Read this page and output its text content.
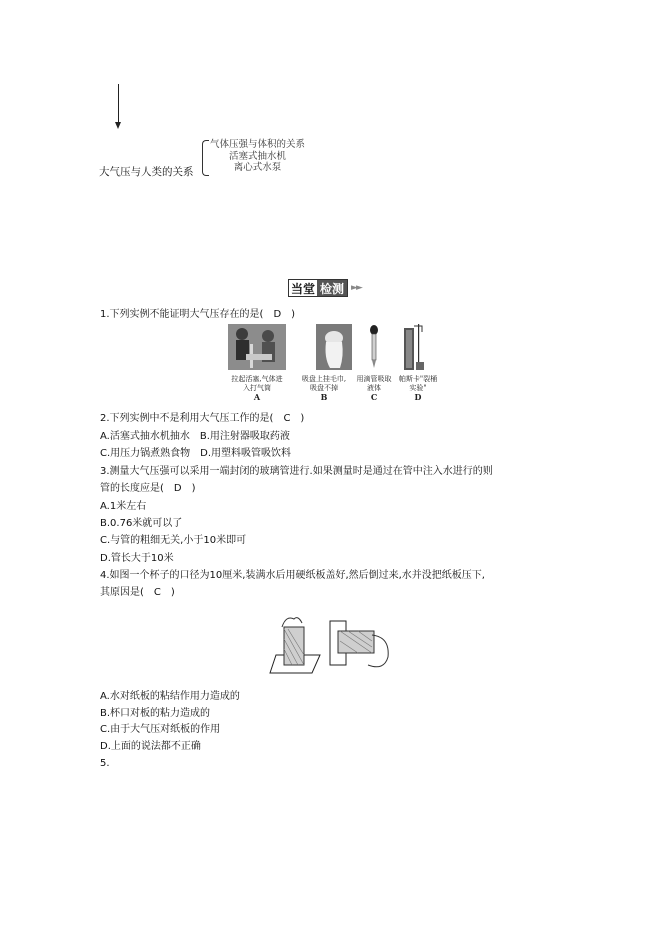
大气压与人类的关系
气体压强与体积的关系
活塞式抽水机
离心式水泵
当堂 检测 ►►
1.下列实例不能证明大气压存在的是(　D　)
拉起活塞,气体进入打气筒
A
吸盘上挂毛巾,吸盘不掉
B
用滴管吸取液体
C
帕斯卡"裂桶实验"
D
2.下列实例中不是利用大气压工作的是(　C　)
A.活塞式抽水机抽水　B.用注射器吸取药液
C.用压力锅煮熟食物　D.用塑料吸管吸饮料
3.测量大气压强可以采用一端封闭的玻璃管进行.如果测量时是通过在管中注入水进行的则
管的长度应是(　D　)
A.1米左右
B.0.76米就可以了
C.与管的粗细无关,小于10米即可
D.管长大于10米
4.如图一个杯子的口径为10厘米,装满水后用硬纸板盖好,然后倒过来,水并没把纸板压下,
其原因是(　C　)
A.水对纸板的粘结作用力造成的
B.杯口对板的粘力造成的
C.由于大气压对纸板的作用
D.上面的说法都不正确
5.
